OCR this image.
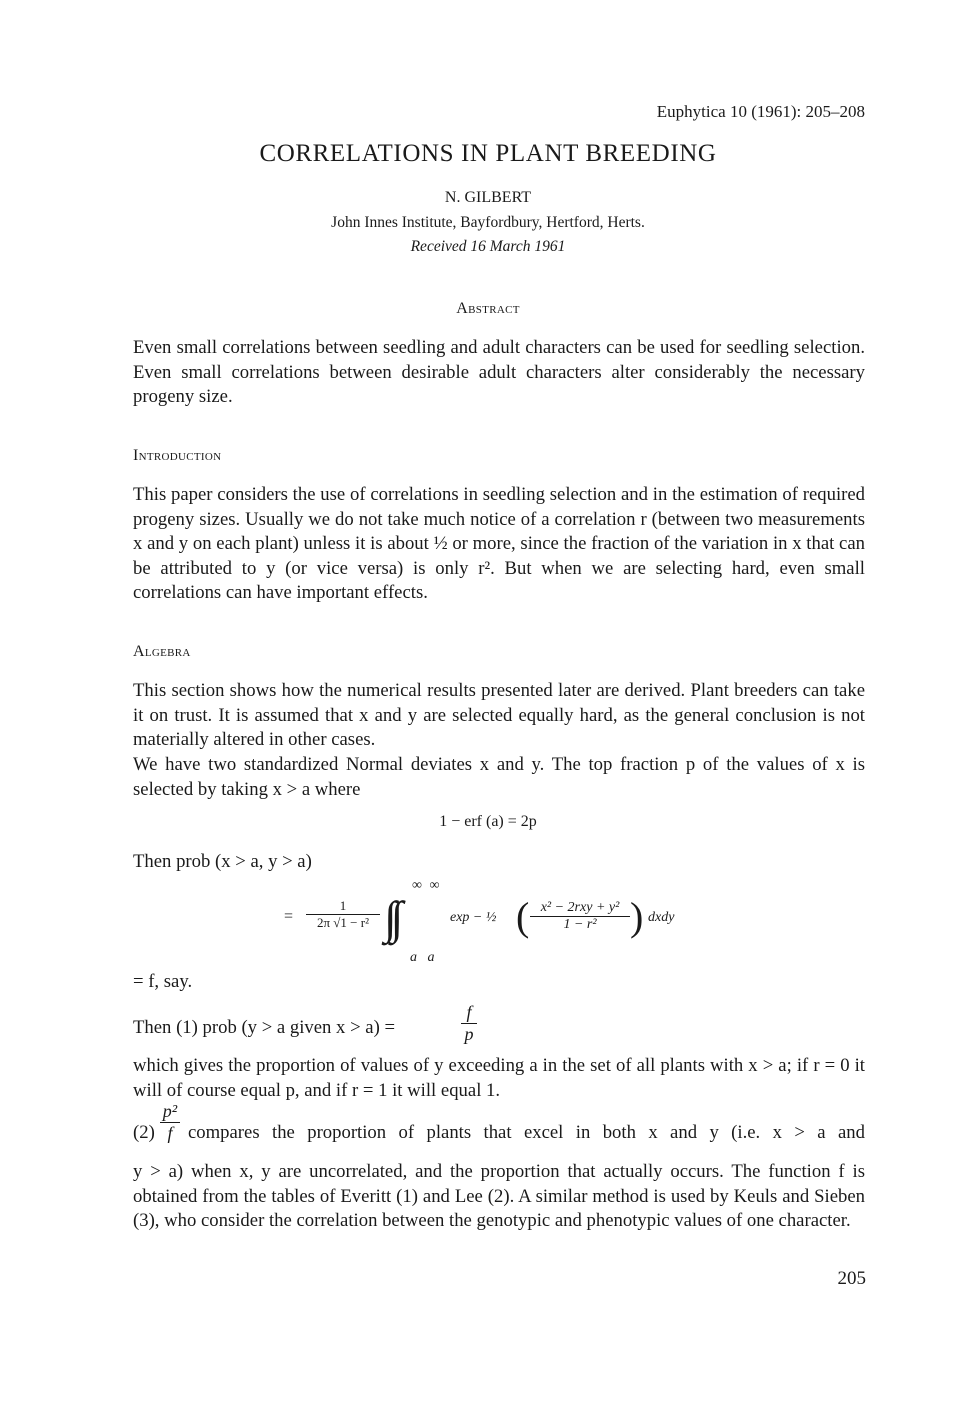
Euphytica 10 (1961): 205–208
CORRELATIONS IN PLANT BREEDING
N. GILBERT
John Innes Institute, Bayfordbury, Hertford, Herts.
Received 16 March 1961
Abstract
Even small correlations between seedling and adult characters can be used for seedling selection. Even small correlations between desirable adult characters alter considerably the necessary progeny size.
Introduction
This paper considers the use of correlations in seedling selection and in the estimation of required progeny sizes. Usually we do not take much notice of a correlation r (between two measurements x and y on each plant) unless it is about ½ or more, since the fraction of the variation in x that can be attributed to y (or vice versa) is only r². But when we are selecting hard, even small correlations can have important effects.
Algebra
This section shows how the numerical results presented later are derived. Plant breeders can take it on trust. It is assumed that x and y are selected equally hard, as the general conclusion is not materially altered in other cases.
We have two standardized Normal deviates x and y. The top fraction p of the values of x is selected by taking x > a where
1 − erf (a) = 2p
Then prob (x > a, y > a)
= $\frac{1}{\text{2π √1 − r²}}$
∞ ∞
∫∫
a   a
exp − ½ ( x² − 2rxy + y²
1 − r² ) dxdy
= f, say.
Then (1) prob (y > a given x > a) =	$\frac{f}{p}$
which gives the proportion of values of y exceeding a in the set of all plants with x > a; if r = 0 it will of course equal p, and if r = 1 it will equal 1.
$(2) \frac{\text{p²}}{f}$ compares the proportion of plants that excel in both x and y (i.e. x > a and
y > a) when x, y are uncorrelated, and the proportion that actually occurs. The function f is obtained from the tables of Everitt (1) and Lee (2). A similar method is used by Keuls and Sieben (3), who consider the correlation between the genotypic and phenotypic values of one character.
205
